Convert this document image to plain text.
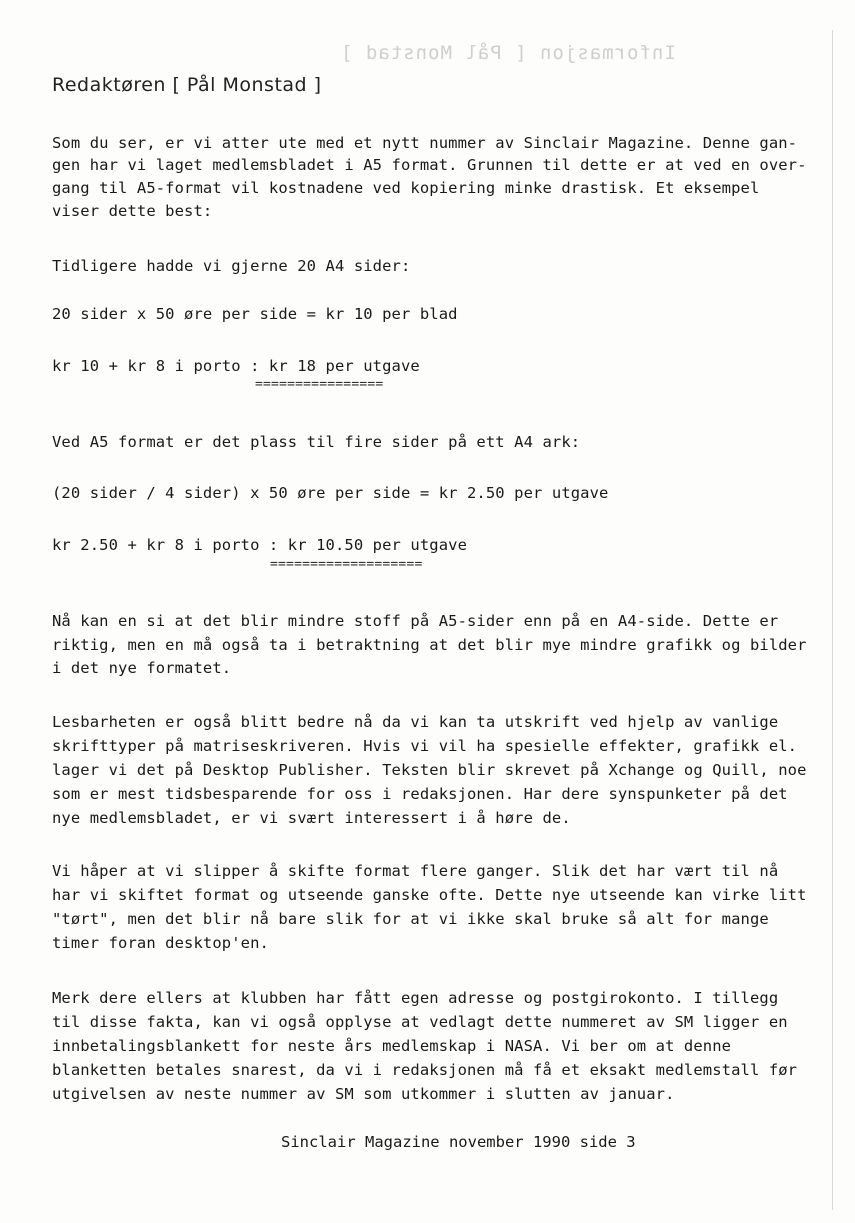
Informasjon [ Pål Monstad ]
Redaktøren [ Pål Monstad ]
Som du ser, er vi atter ute med et nytt nummer av Sinclair Magazine. Denne gan-
gen har vi laget medlemsbladet i A5 format. Grunnen til dette er at ved en over-
gang til A5-format vil kostnadene ved kopiering minke drastisk. Et eksempel
viser dette best:
Tidligere hadde vi gjerne 20 A4 sider:
20 sider x 50 øre per side = kr 10 per blad
kr 10 + kr 8 i porto : kr 18 per utgave
================
Ved A5 format er det plass til fire sider på ett A4 ark:
(20 sider / 4 sider) x 50 øre per side = kr 2.50 per utgave
kr 2.50 + kr 8 i porto : kr 10.50 per utgave
===================
Nå kan en si at det blir mindre stoff på A5-sider enn på en A4-side. Dette er
riktig, men en må også ta i betraktning at det blir mye mindre grafikk og bilder
i det nye formatet.
Lesbarheten er også blitt bedre nå da vi kan ta utskrift ved hjelp av vanlige
skrifttyper på matriseskriveren. Hvis vi vil ha spesielle effekter, grafikk el.
lager vi det på Desktop Publisher. Teksten blir skrevet på Xchange og Quill, noe
som er mest tidsbesparende for oss i redaksjonen. Har dere synspunketer på det
nye medlemsbladet, er vi svært interessert i å høre de.
Vi håper at vi slipper å skifte format flere ganger. Slik det har vært til nå
har vi skiftet format og utseende ganske ofte. Dette nye utseende kan virke litt
"tørt", men det blir nå bare slik for at vi ikke skal bruke så alt for mange
timer foran desktop'en.
Merk dere ellers at klubben har fått egen adresse og postgirokonto. I tillegg
til disse fakta, kan vi også opplyse at vedlagt dette nummeret av SM ligger en
innbetalingsblankett for neste års medlemskap i NASA. Vi ber om at denne
blanketten betales snarest, da vi i redaksjonen må få et eksakt medlemstall før
utgivelsen av neste nummer av SM som utkommer i slutten av januar.
Sinclair Magazine november 1990 side 3
